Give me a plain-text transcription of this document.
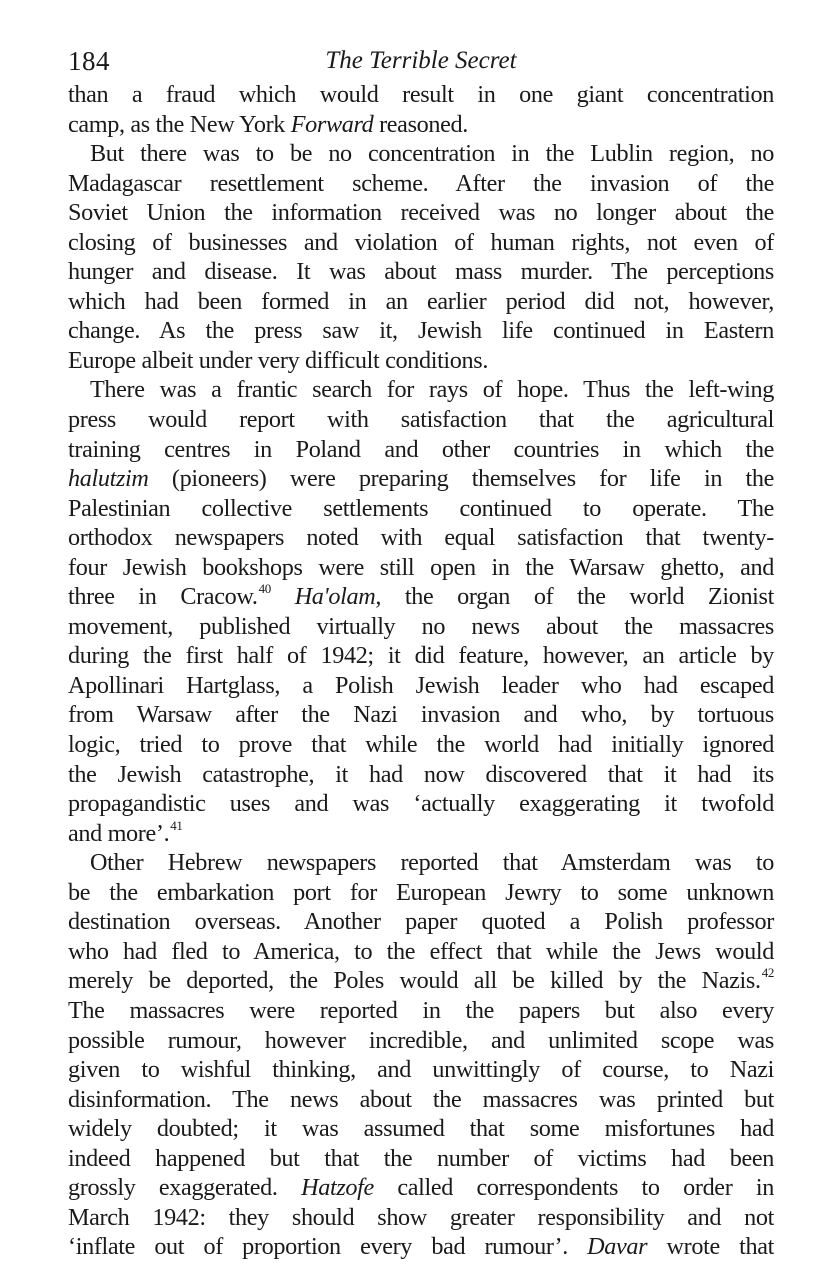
184	The Terrible Secret
than a fraud which would result in one giant concentration
camp, as the New York Forward reasoned.
But there was to be no concentration in the Lublin region, no
Madagascar resettlement scheme. After the invasion of the
Soviet Union the information received was no longer about the
closing of businesses and violation of human rights, not even of
hunger and disease. It was about mass murder. The perceptions
which had been formed in an earlier period did not, however,
change. As the press saw it, Jewish life continued in Eastern
Europe albeit under very difficult conditions.
There was a frantic search for rays of hope. Thus the left-wing
press would report with satisfaction that the agricultural
training centres in Poland and other countries in which the
halutzim (pioneers) were preparing themselves for life in the
Palestinian collective settlements continued to operate. The
orthodox newspapers noted with equal satisfaction that twenty-
four Jewish bookshops were still open in the Warsaw ghetto, and
three in Cracow.$^{40}$ Ha'olam, the organ of the world Zionist
movement, published virtually no news about the massacres
during the first half of 1942; it did feature, however, an article by
Apollinari Hartglass, a Polish Jewish leader who had escaped
from Warsaw after the Nazi invasion and who, by tortuous
logic, tried to prove that while the world had initially ignored
the Jewish catastrophe, it had now discovered that it had its
propagandistic uses and was ‘actually exaggerating it twofold
and more’.$^{41}$
Other Hebrew newspapers reported that Amsterdam was to
be the embarkation port for European Jewry to some unknown
destination overseas. Another paper quoted a Polish professor
who had fled to America, to the effect that while the Jews would
merely be deported, the Poles would all be killed by the Nazis.$^{42}$
The massacres were reported in the papers but also every
possible rumour, however incredible, and unlimited scope was
given to wishful thinking, and unwittingly of course, to Nazi
disinformation. The news about the massacres was printed but
widely doubted; it was assumed that some misfortunes had
indeed happened but that the number of victims had been
grossly exaggerated. Hatzofe called correspondents to order in
March 1942: they should show greater responsibility and not
‘inflate out of proportion every bad rumour’. Davar wrote that
